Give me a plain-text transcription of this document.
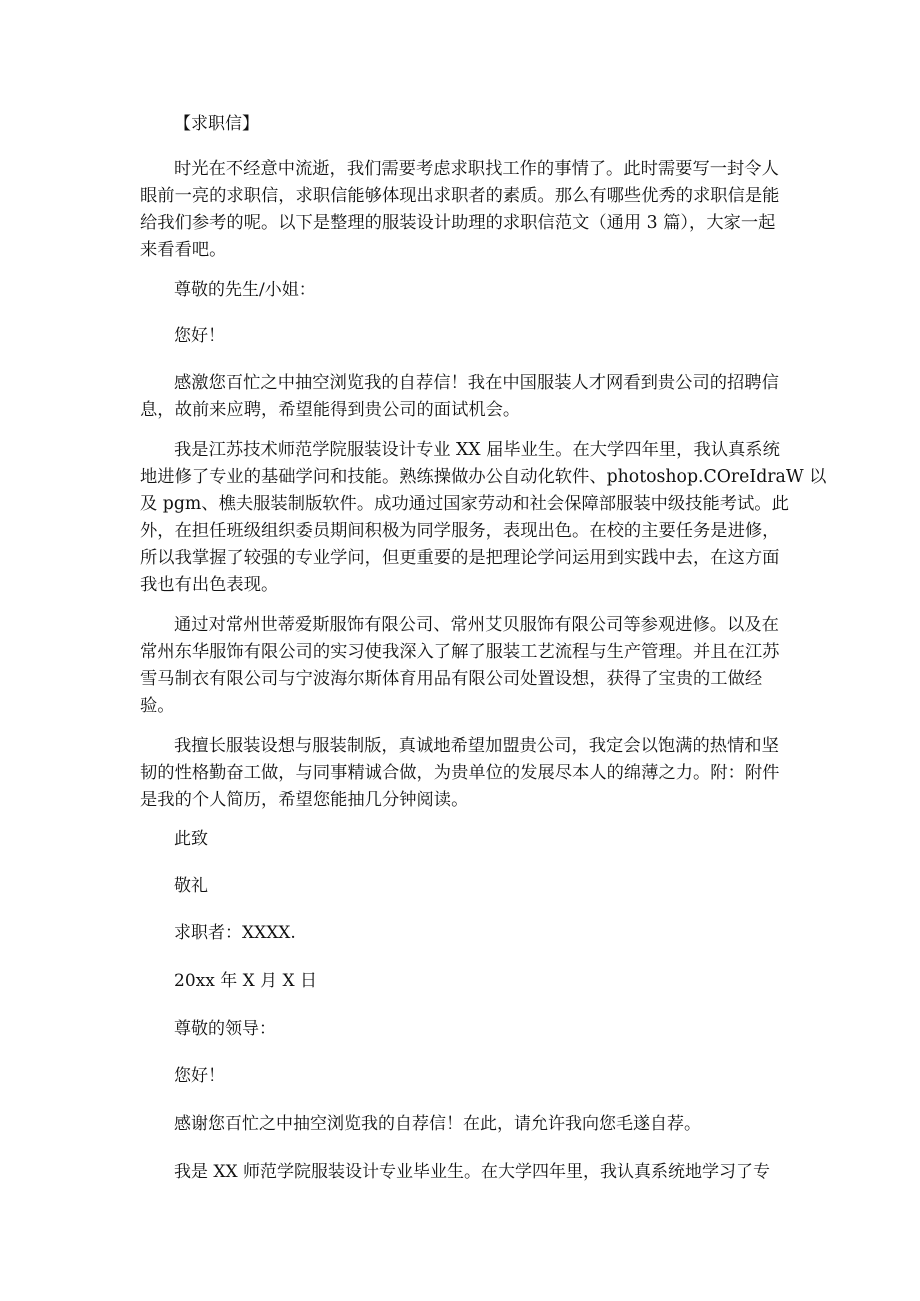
【求职信】
时光在不经意中流逝，我们需要考虑求职找工作的事情了。此时需要写一封令人
眼前一亮的求职信，求职信能够体现出求职者的素质。那么有哪些优秀的求职信是能
给我们参考的呢。以下是整理的服装设计助理的求职信范文（通用 3 篇），大家一起
来看看吧。
尊敬的先生/小姐：
您好！
感激您百忙之中抽空浏览我的自荐信！我在中国服装人才网看到贵公司的招聘信
息，故前来应聘，希望能得到贵公司的面试机会。
我是江苏技术师范学院服装设计专业 XX 届毕业生。在大学四年里，我认真系统
地进修了专业的基础学问和技能。熟练操做办公自动化软件、photoshop.COreIdraW 以
及 pgm、樵夫服装制版软件。成功通过国家劳动和社会保障部服装中级技能考试。此
外，在担任班级组织委员期间积极为同学服务，表现出色。在校的主要任务是进修，
所以我掌握了较强的专业学问，但更重要的是把理论学问运用到实践中去，在这方面
我也有出色表现。
通过对常州世蒂爱斯服饰有限公司、常州艾贝服饰有限公司等参观进修。以及在
常州东华服饰有限公司的实习使我深入了解了服装工艺流程与生产管理。并且在江苏
雪马制衣有限公司与宁波海尔斯体育用品有限公司处置设想，获得了宝贵的工做经
验。
我擅长服装设想与服装制版，真诚地希望加盟贵公司，我定会以饱满的热情和坚
韧的性格勤奋工做，与同事精诚合做，为贵单位的发展尽本人的绵薄之力。附：附件
是我的个人简历，希望您能抽几分钟阅读。
此致
敬礼
求职者：XXXX.
20xx 年 X 月 X 日
尊敬的领导：
您好！
感谢您百忙之中抽空浏览我的自荐信！在此，请允许我向您毛遂自荐。
我是 XX 师范学院服装设计专业毕业生。在大学四年里，我认真系统地学习了专
